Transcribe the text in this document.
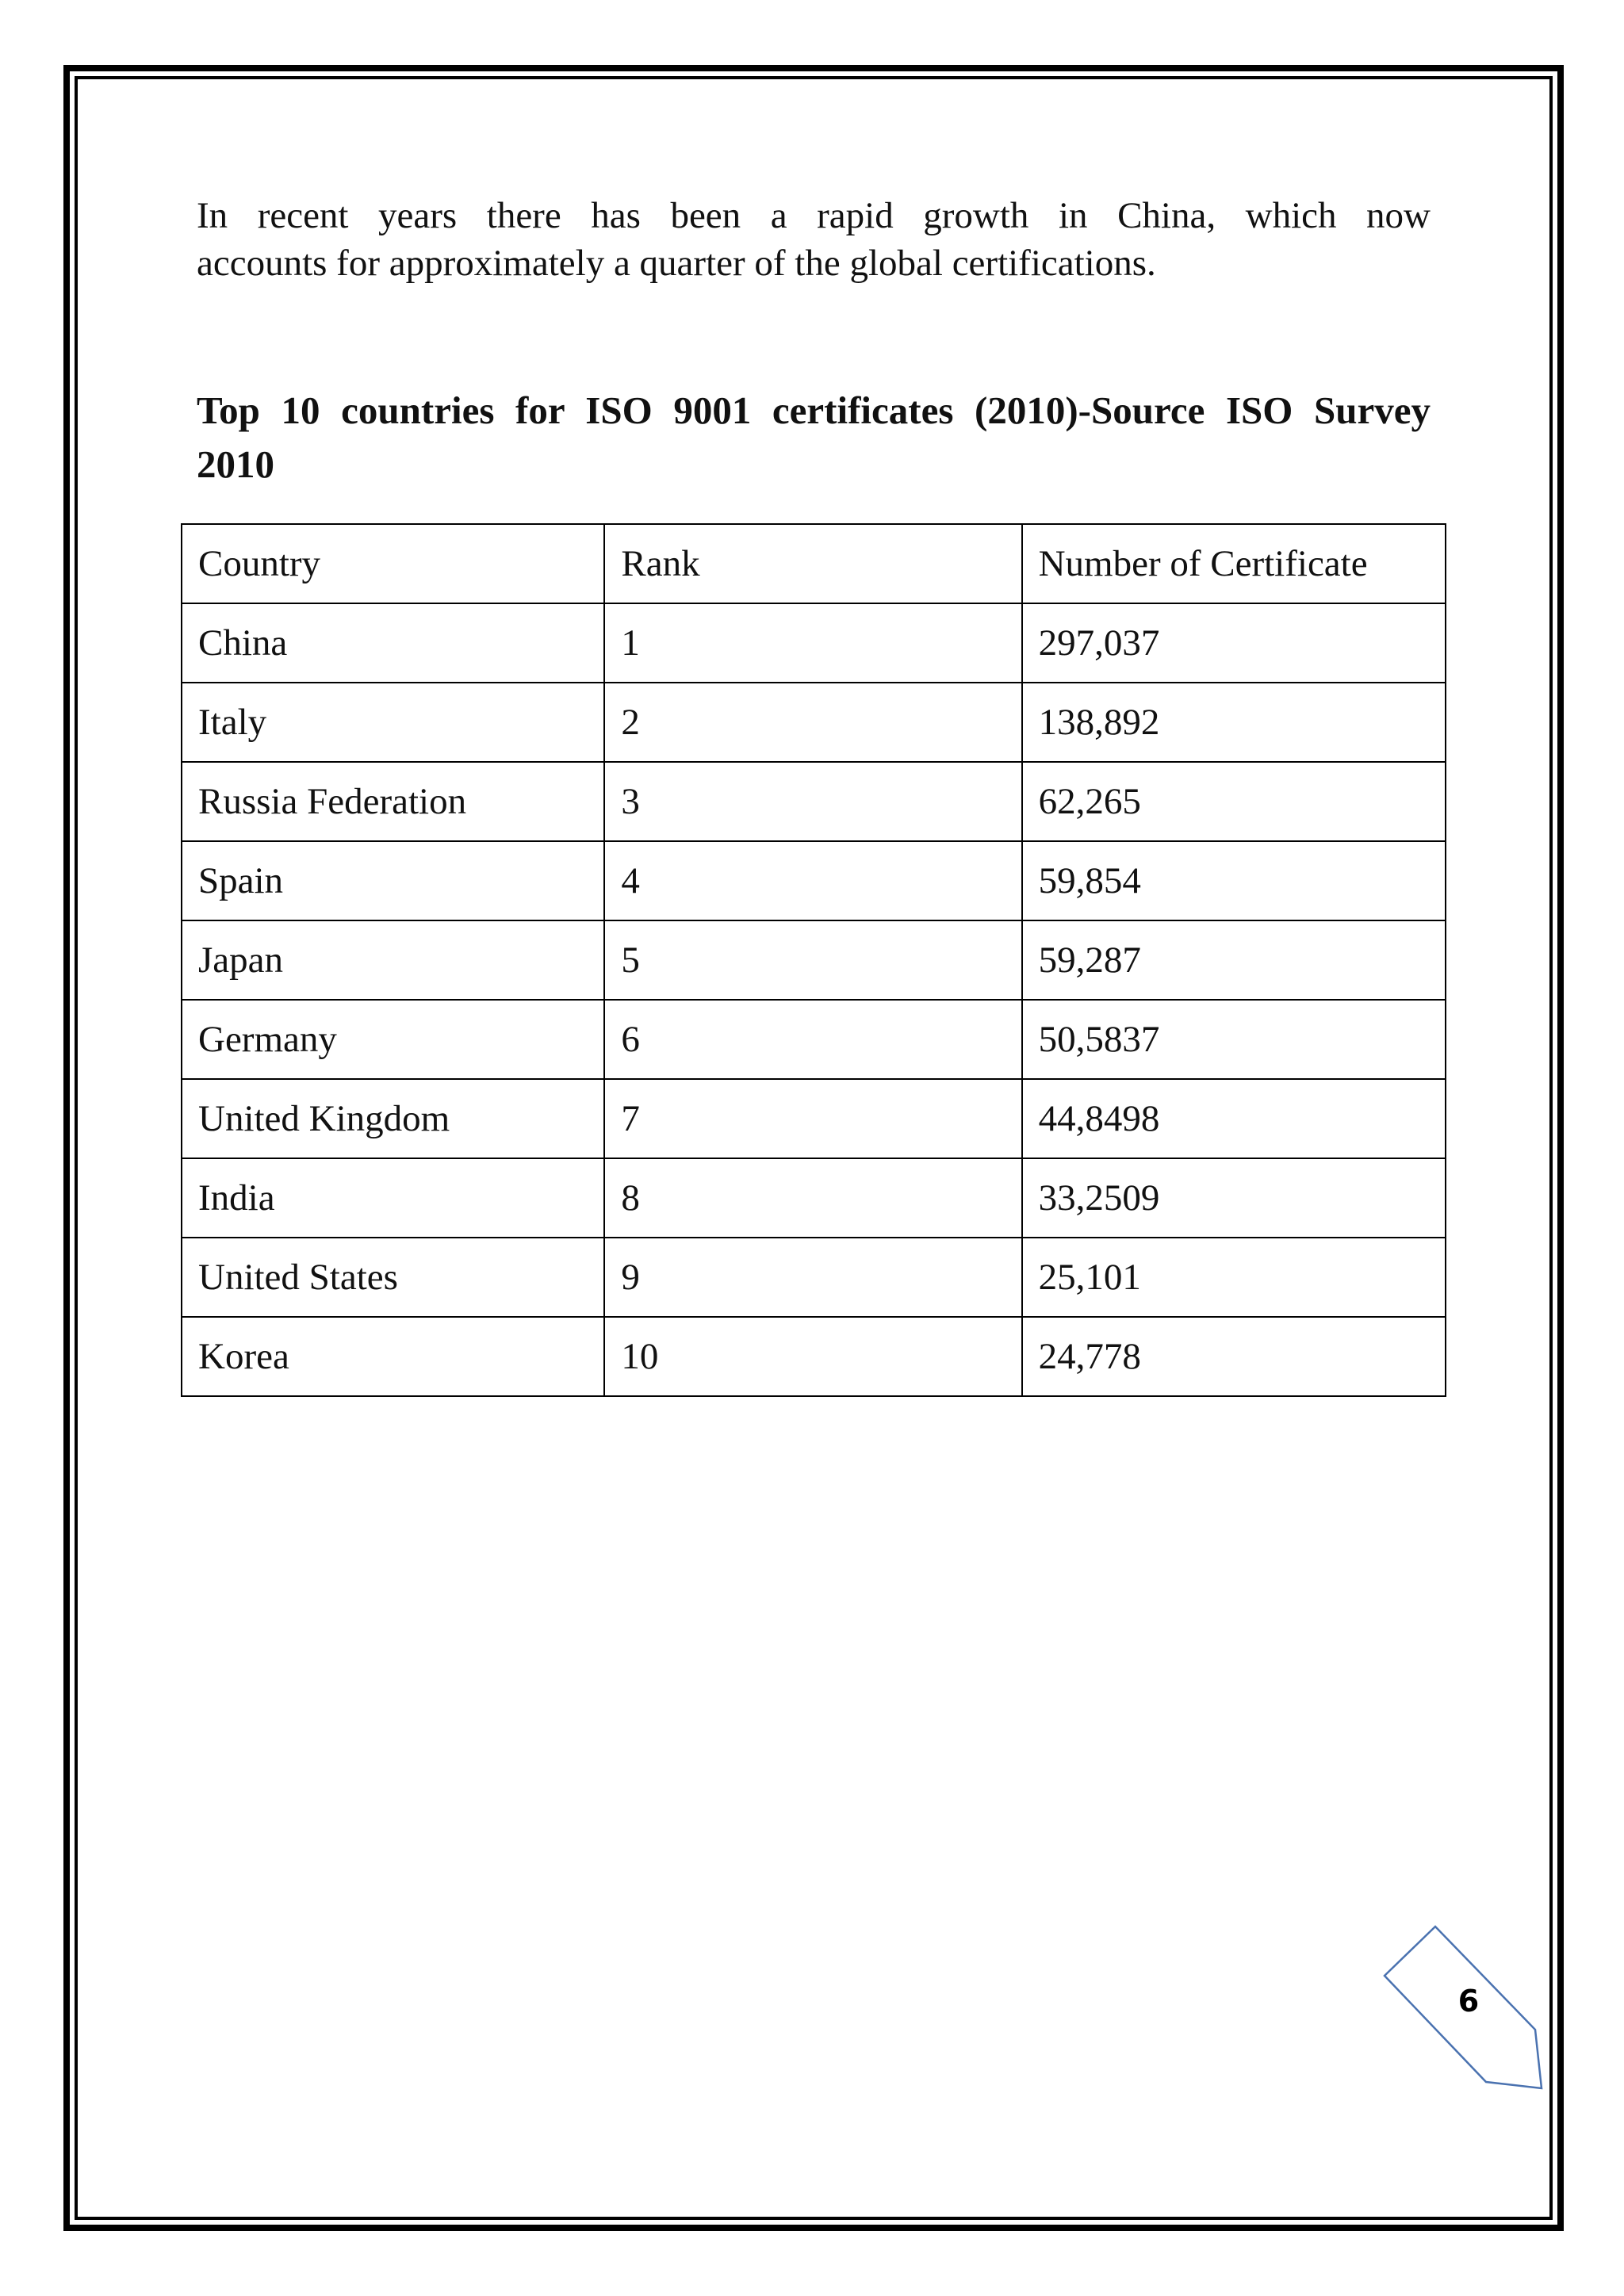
In recent years there has been a rapid growth in China, which now
accounts for approximately a quarter of the global certifications.

Top 10 countries for ISO 9001 certificates (2010)-Source ISO Survey
2010
Country	Rank	Number of Certificate
China	1	297,037
Italy	2	138,892
Russia Federation	3	62,265
Spain	4	59,854
Japan	5	59,287
Germany	6	50,5837
United Kingdom	7	44,8498
India	8	33,2509
United States	9	25,101
Korea	10	24,778
6
